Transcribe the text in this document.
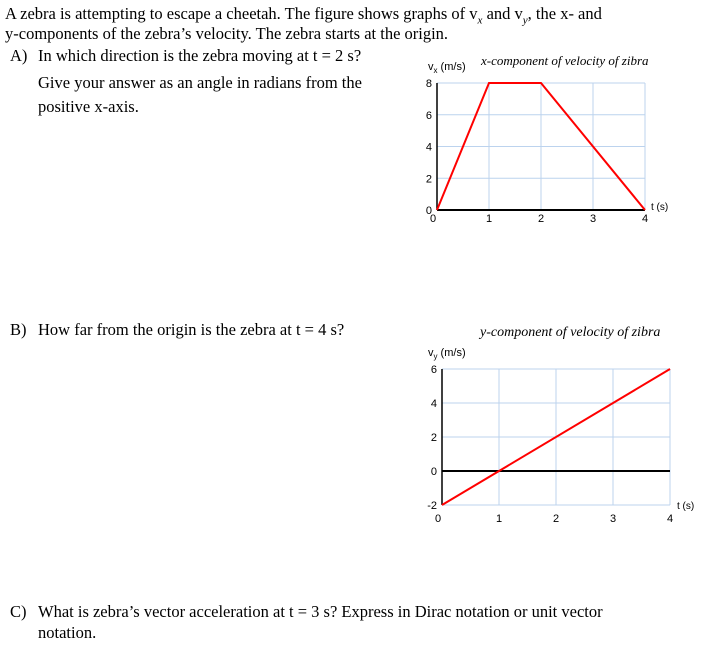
A zebra is attempting to escape a cheetah. The figure shows graphs of $v_x$ and $v_y$, the x- and
y-components of the zebra’s velocity. The zebra starts at the origin.
A) In which direction is the zebra moving at t = 2 s?
Give your answer as an angle in radians from the
positive x-axis.
B) How far from the origin is the zebra at t = 4 s?
C) What is zebra’s vector acceleration at t = 3 s? Express in Dirac notation or unit vector
notation.
x-component of velocity of zibra
y-component of velocity of zibra
0
2
4
6
8
0	1	2	3	4
$v_x$ (m/s)
t (s)
-2
0
2
4
6
0	1	2	3	4
$v_y$ (m/s)
t (s)
